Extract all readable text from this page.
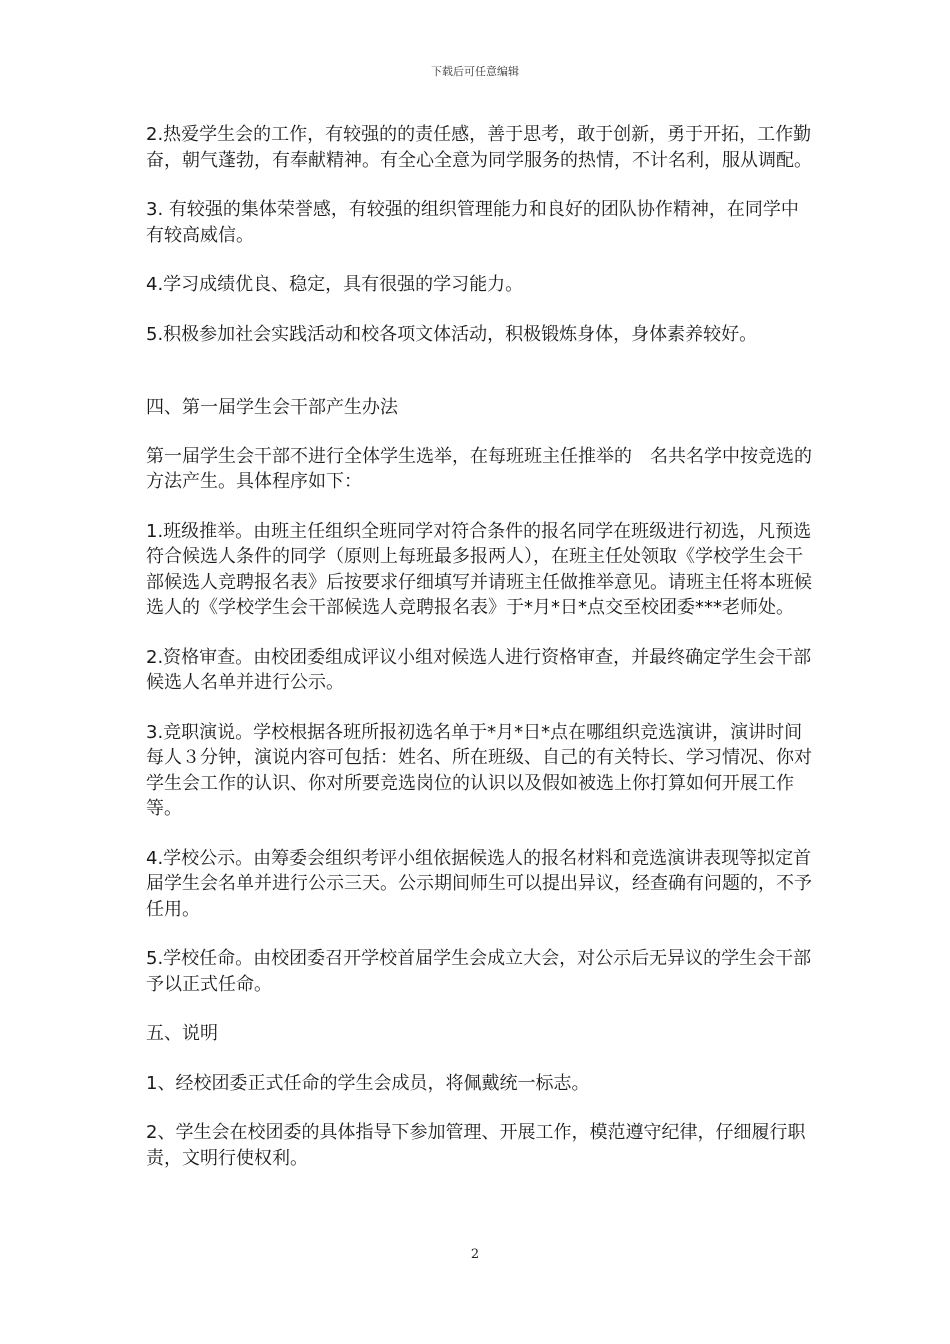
下载后可任意编辑

2.热爱学生会的工作，有较强的的责任感，善于思考，敢于创新，勇于开拓，工作勤奋，朝气蓬勃，有奉献精神。有全心全意为同学服务的热情，不计名利，服从调配。

3. 有较强的集体荣誉感，有较强的组织管理能力和良好的团队协作精神，在同学中有较高威信。

4.学习成绩优良、稳定，具有很强的学习能力。

5.积极参加社会实践活动和校各项文体活动，积极锻炼身体，身体素养较好。

四、第一届学生会干部产生办法

第一届学生会干部不进行全体学生选举，在每班班主任推举的　名共名学中按竞选的方法产生。具体程序如下：

1.班级推举。由班主任组织全班同学对符合条件的报名同学在班级进行初选，凡预选符合候选人条件的同学（原则上每班最多报两人），在班主任处领取《学校学生会干部候选人竞聘报名表》后按要求仔细填写并请班主任做推举意见。请班主任将本班候选人的《学校学生会干部候选人竞聘报名表》于*月*日*点交至校团委***老师处。

2.资格审查。由校团委组成评议小组对候选人进行资格审查，并最终确定学生会干部候选人名单并进行公示。

3.竞职演说。学校根据各班所报初选名单于*月*日*点在哪组织竞选演讲，演讲时间每人３分钟，演说内容可包括：姓名、所在班级、自己的有关特长、学习情况、你对学生会工作的认识、你对所要竞选岗位的认识以及假如被选上你打算如何开展工作等。

4.学校公示。由筹委会组织考评小组依据候选人的报名材料和竞选演讲表现等拟定首届学生会名单并进行公示三天。公示期间师生可以提出异议，经查确有问题的，不予任用。

5.学校任命。由校团委召开学校首届学生会成立大会，对公示后无异议的学生会干部予以正式任命。

五、说明

1、经校团委正式任命的学生会成员，将佩戴统一标志。

2、学生会在校团委的具体指导下参加管理、开展工作，模范遵守纪律，仔细履行职责，文明行使权利。

2
